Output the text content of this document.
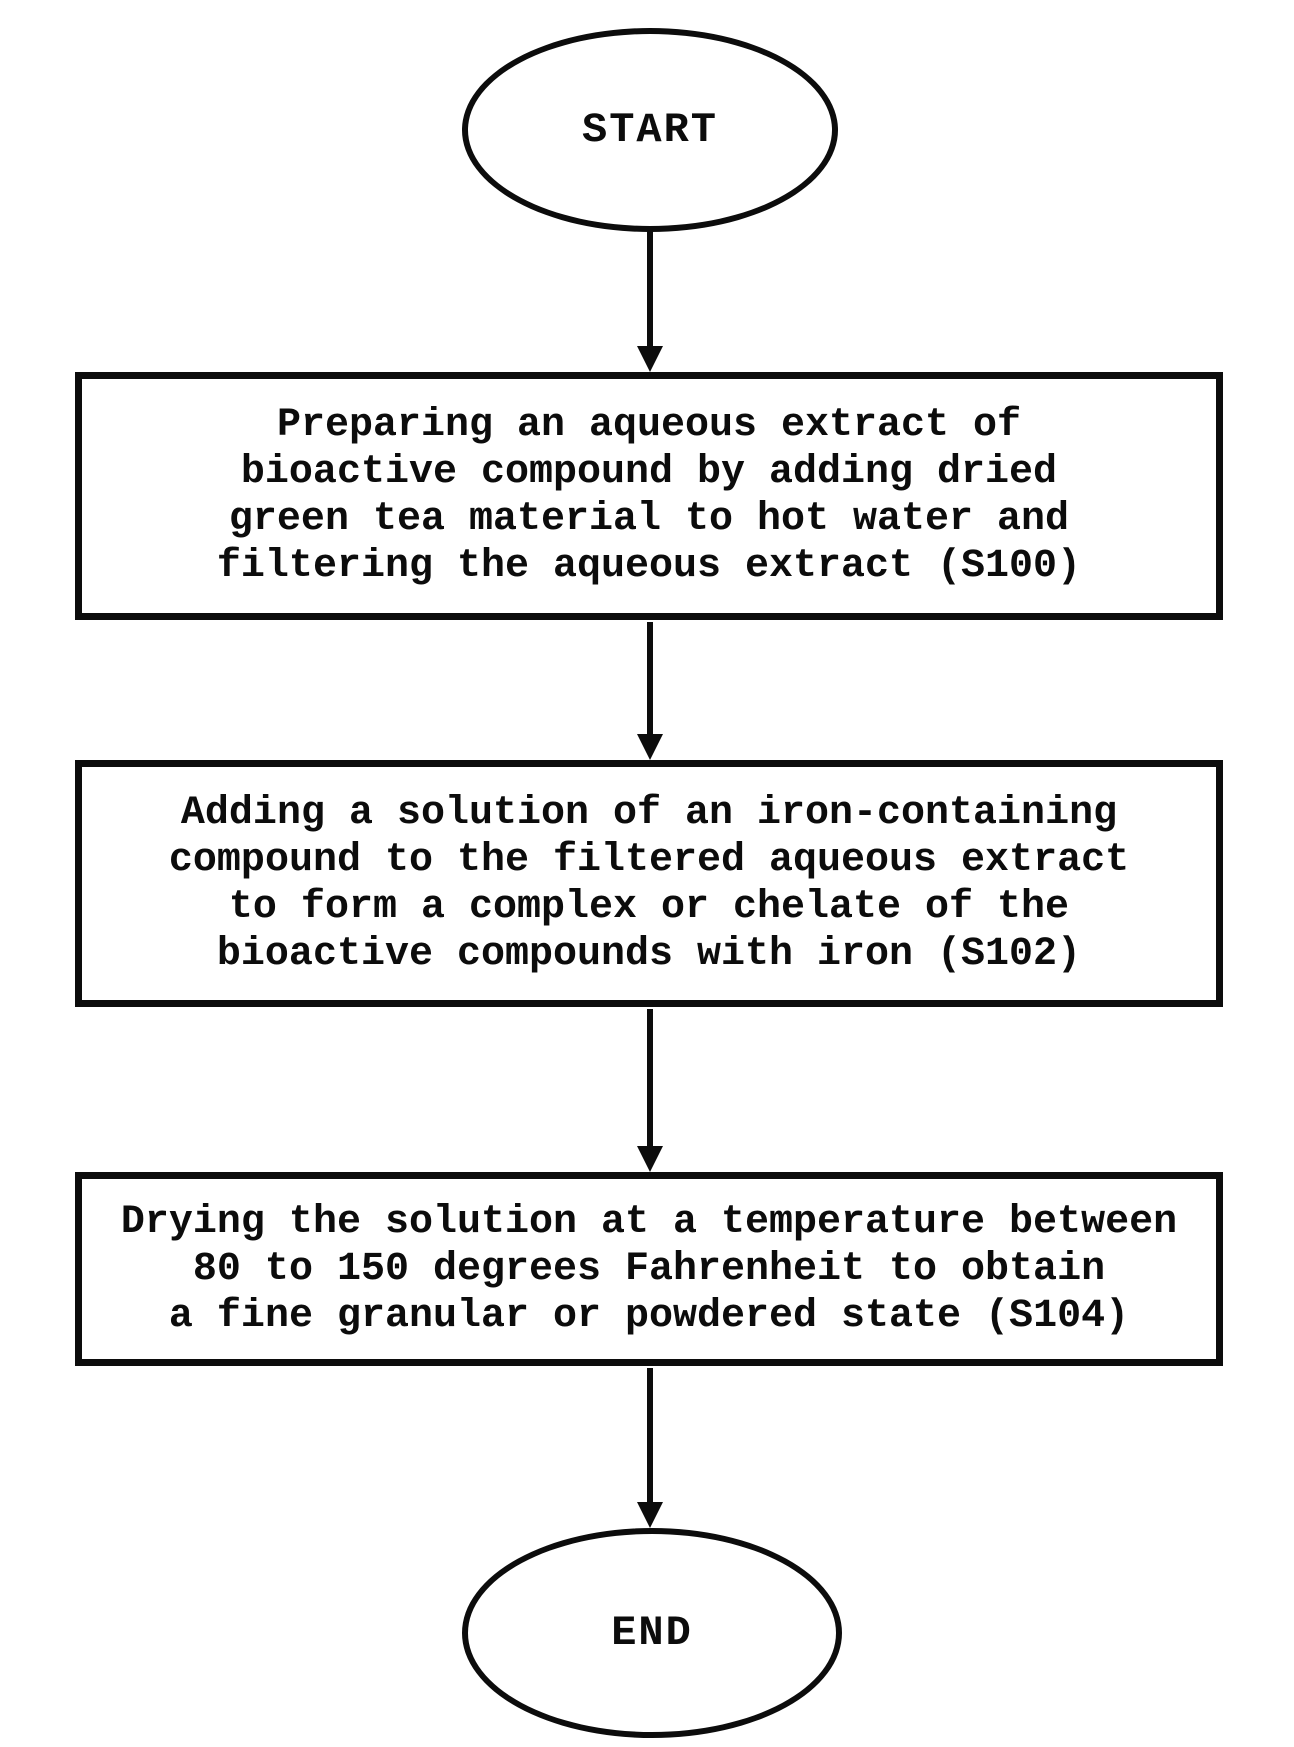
START
Preparing an aqueous extract of
bioactive compound by adding dried
green tea material to hot water and
filtering the aqueous extract (S100)
Adding a solution of an iron-containing
compound to the filtered aqueous extract
to form a complex or chelate of the
bioactive compounds with iron (S102)
Drying the solution at a temperature between
80 to 150 degrees Fahrenheit to obtain
a fine granular or powdered state (S104)
END
